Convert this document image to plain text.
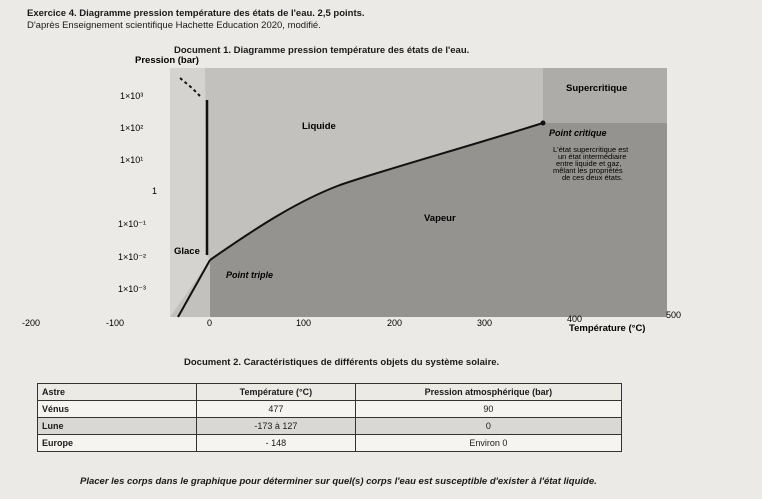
Exercice 4. Diagramme pression température des états de l'eau. 2,5 points.
D'après Enseignement scientifique Hachette Education 2020, modifié.
Document 1. Diagramme pression température des états de l'eau.
Pression (bar)
1×10³
1×10²
1×10¹
1
1×10⁻¹
1×10⁻²
1×10⁻³
-200	-100	0	100	200	300	400	500
Température (°C)
Liquide
Vapeur
Glace
Supercritique
Point triple
Point critique
L'état supercritique est
un état intermédiaire
entre liquide et gaz,
mêlant les propriétés
de ces deux états.
Document 2. Caractéristiques de différents objets du système solaire.
Astre	Température (°C)	Pression atmosphérique (bar)
Vénus	477	90
Lune	-173 à 127	0
Europe	- 148	Environ 0
Placer les corps dans le graphique pour déterminer sur quel(s) corps l'eau est susceptible d'exister à l'état liquide.
